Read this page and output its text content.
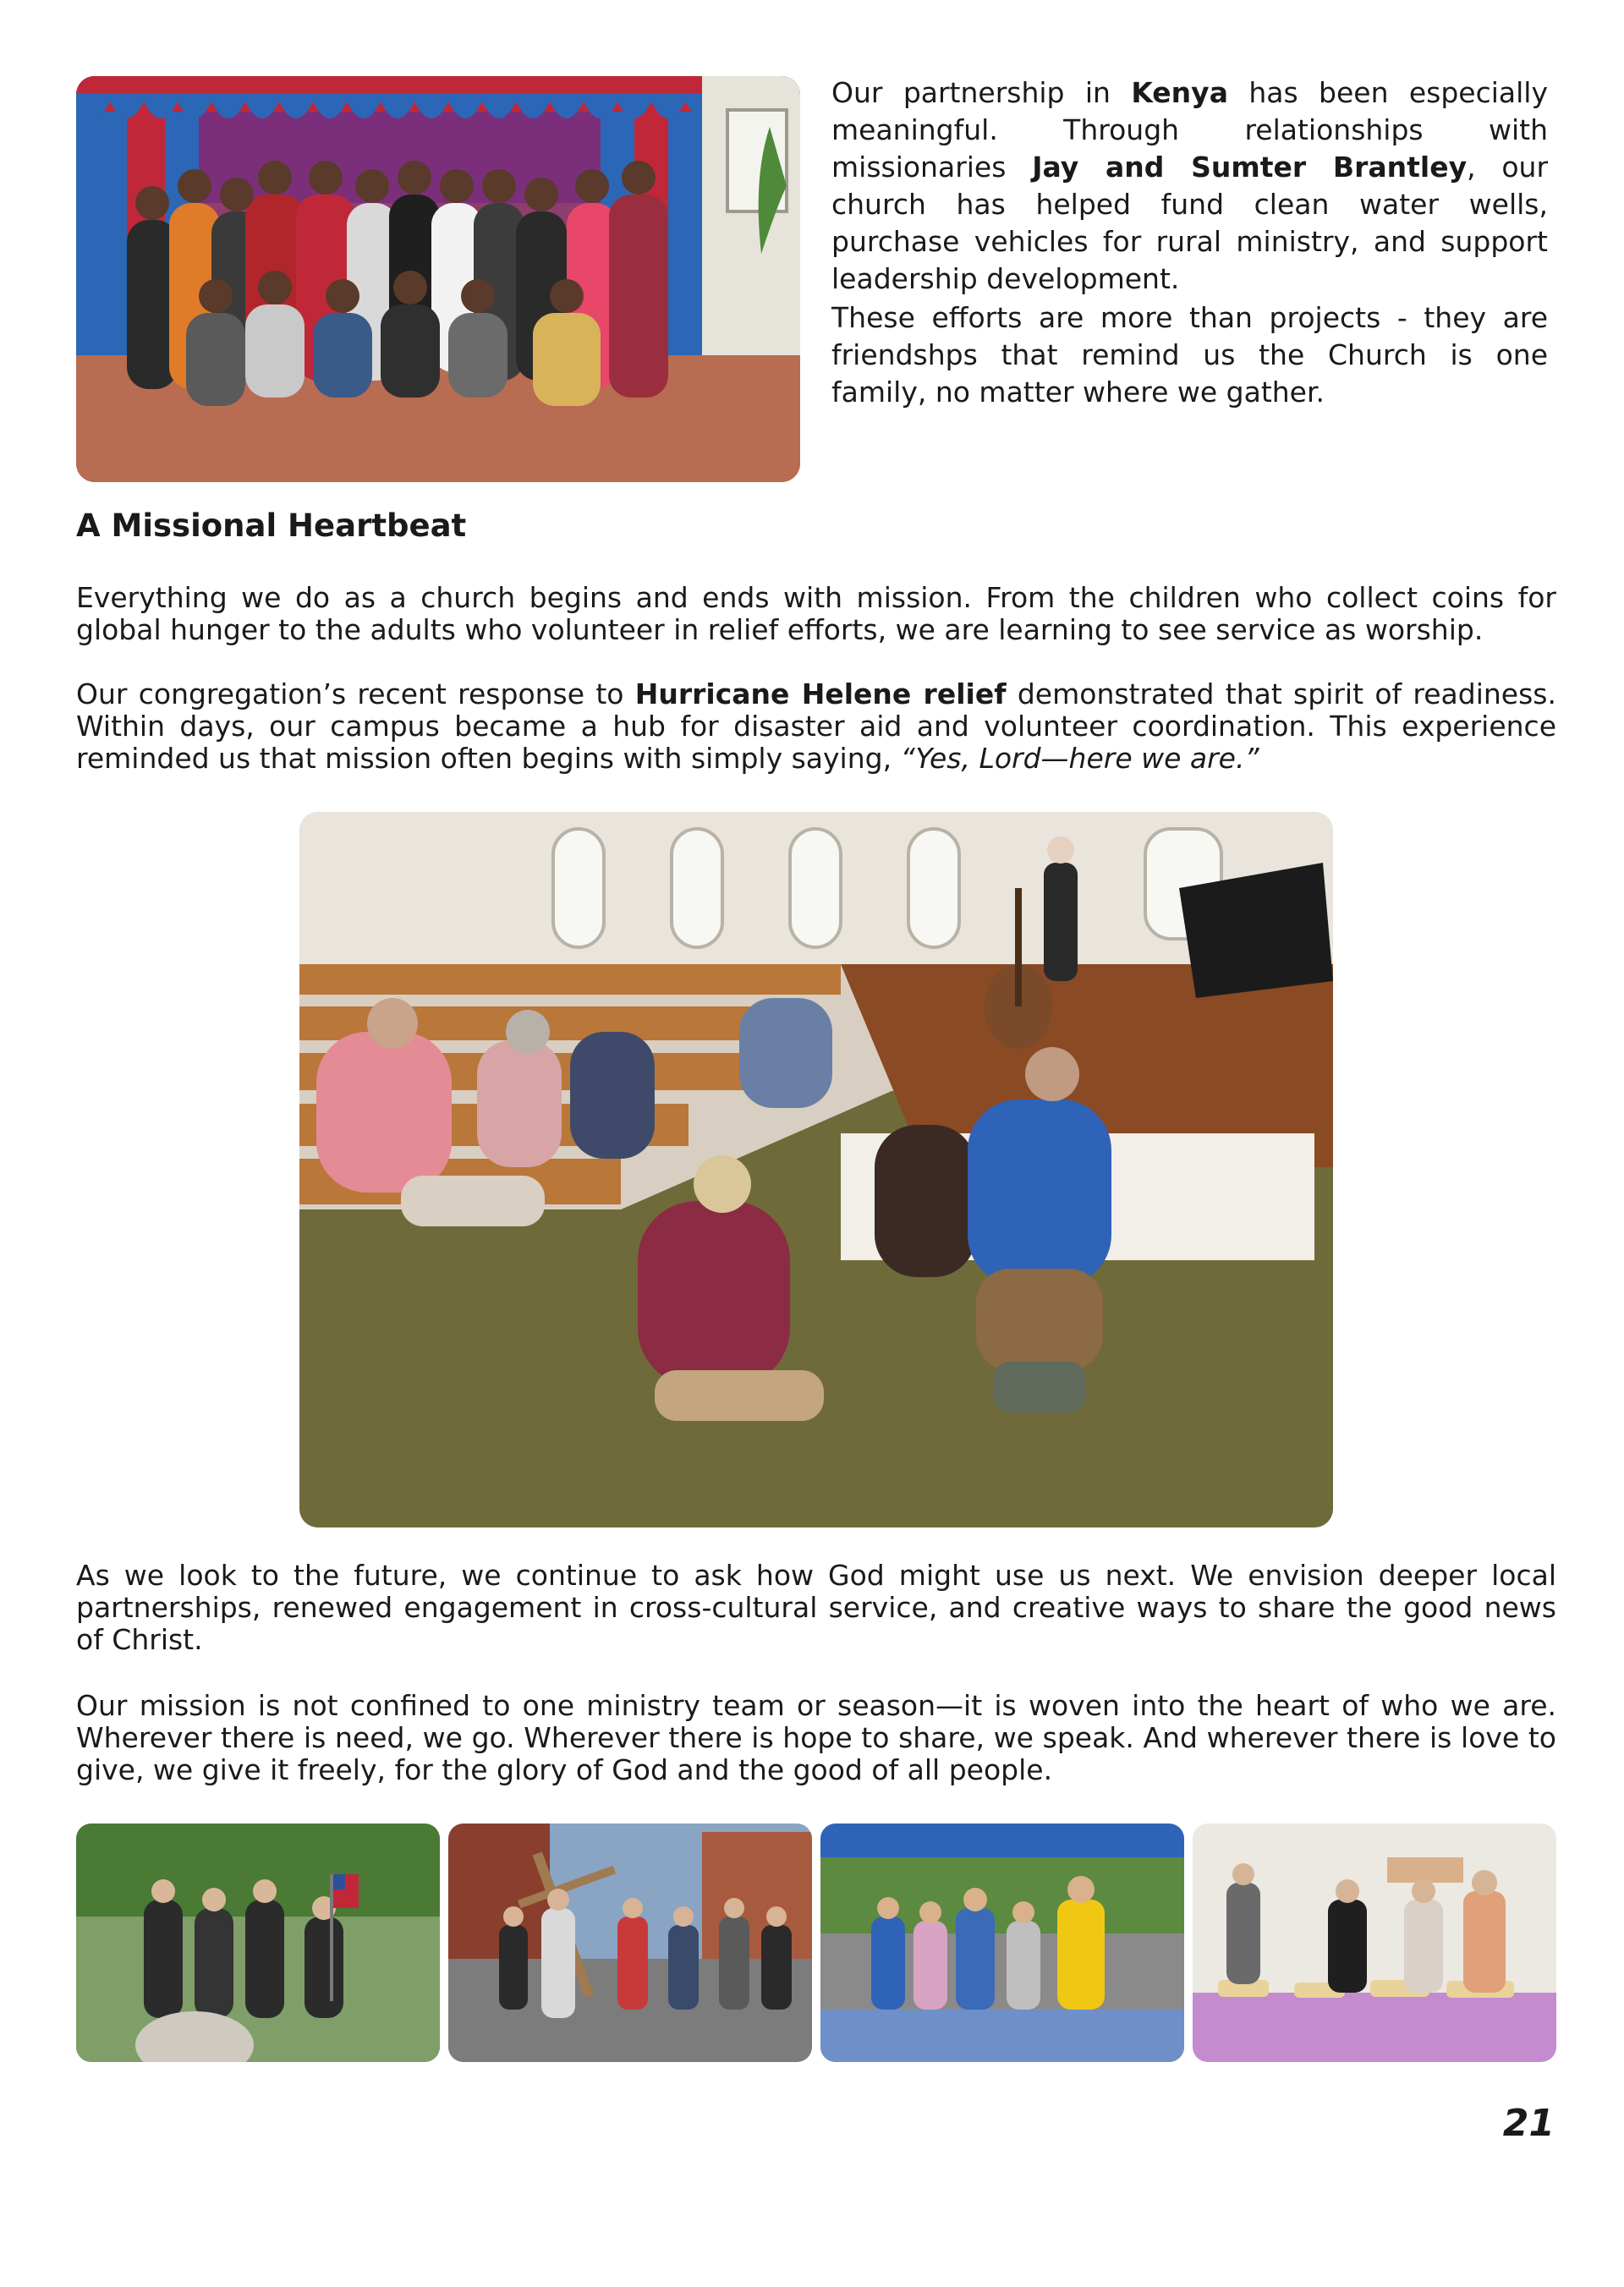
Our partnership in Kenya has been especially meaningful. Through relationships with missionaries Jay and Sumter Brantley, our church has helped fund clean water wells, purchase vehicles for rural ministry, and support leadership development.
These efforts are more than projects - they are friendshps that remind us the Church is one family, no matter where we gather.
A Missional Heartbeat
Everything we do as a church begins and ends with mission. From the children who collect coins for global hunger to the adults who volunteer in relief efforts, we are learning to see service as worship.
Our congregation’s recent response to Hurricane Helene relief demonstrated that spirit of readiness. Within days, our campus became a hub for disaster aid and volunteer coordination. This experience reminded us that mission often begins with simply saying, “Yes, Lord—here we are.”
As we look to the future, we continue to ask how God might use us next. We envision deeper local partnerships, renewed engagement in cross-cultural service, and creative ways to share the good news of Christ.
Our mission is not confined to one ministry team or season—it is woven into the heart of who we are. Wherever there is need, we go. Wherever there is hope to share, we speak. And wherever there is love to give, we give it freely, for the glory of God and the good of all people.
21
